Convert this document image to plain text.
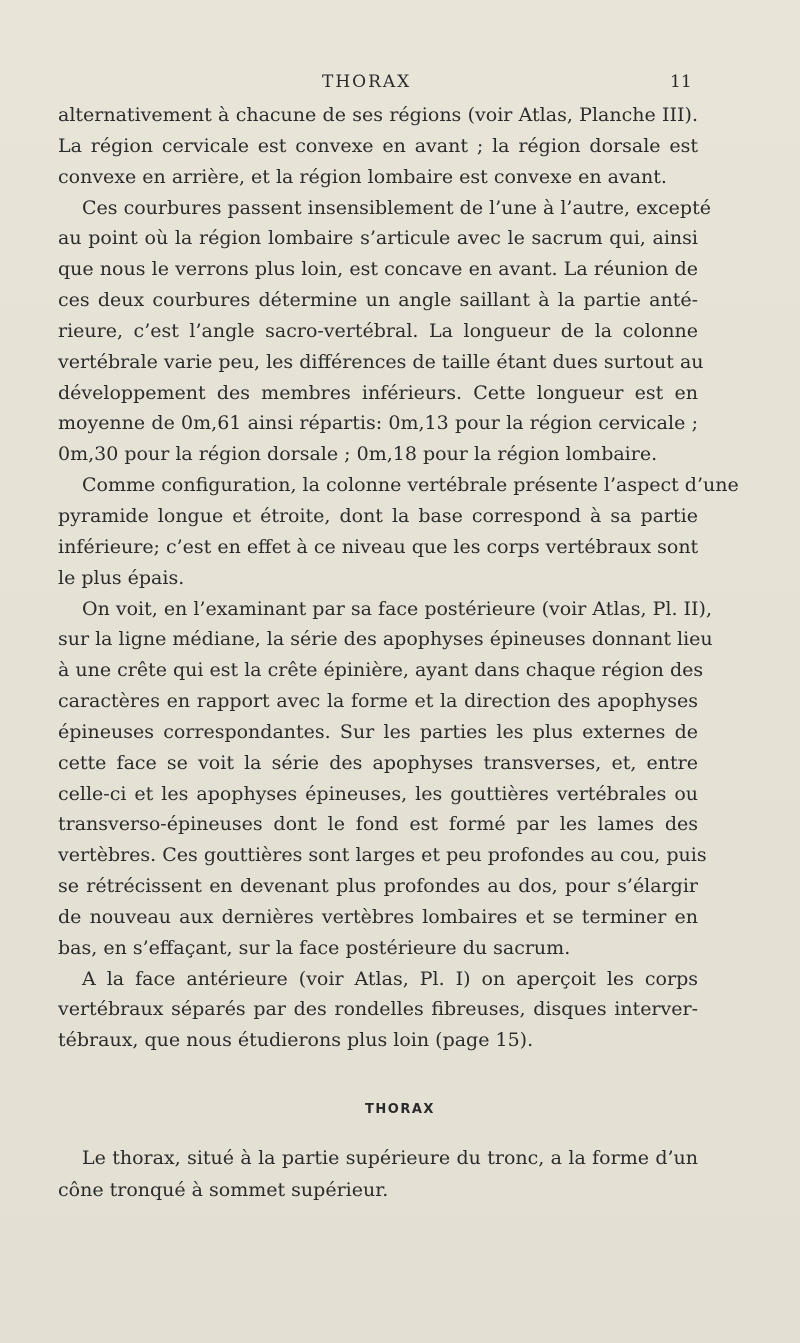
THORAX	11
alternativement à chacune de ses régions (voir Atlas, Planche III).
La région cervicale est convexe en avant ; la région dorsale est
convexe en arrière, et la région lombaire est convexe en avant.
Ces courbures passent insensiblement de l’une à l’autre, excepté
au point où la région lombaire s’articule avec le sacrum qui, ainsi
que nous le verrons plus loin, est concave en avant. La réunion de
ces deux courbures détermine un angle saillant à la partie anté-
rieure, c’est l’angle sacro-vertébral. La longueur de la colonne
vertébrale varie peu, les différences de taille étant dues surtout au
développement des membres inférieurs. Cette longueur est en
moyenne de 0m,61 ainsi répartis: 0m,13 pour la région cervicale ;
0m,30 pour la région dorsale ; 0m,18 pour la région lombaire.
Comme configuration, la colonne vertébrale présente l’aspect d’une
pyramide longue et étroite, dont la base correspond à sa partie
inférieure; c’est en effet à ce niveau que les corps vertébraux sont
le plus épais.
On voit, en l’examinant par sa face postérieure (voir Atlas, Pl. II),
sur la ligne médiane, la série des apophyses épineuses donnant lieu
à une crête qui est la crête épinière, ayant dans chaque région des
caractères en rapport avec la forme et la direction des apophyses
épineuses correspondantes. Sur les parties les plus externes de
cette face se voit la série des apophyses transverses, et, entre
celle-ci et les apophyses épineuses, les gouttières vertébrales ou
transverso-épineuses dont le fond est formé par les lames des
vertèbres. Ces gouttières sont larges et peu profondes au cou, puis
se rétrécissent en devenant plus profondes au dos, pour s’élargir
de nouveau aux dernières vertèbres lombaires et se terminer en
bas, en s’effaçant, sur la face postérieure du sacrum.
A la face antérieure (voir Atlas, Pl. I) on aperçoit les corps
vertébraux séparés par des rondelles fibreuses, disques interver-
tébraux, que nous étudierons plus loin (page 15).
THORAX
Le thorax, situé à la partie supérieure du tronc, a la forme d’un
cône tronqué à sommet supérieur.
